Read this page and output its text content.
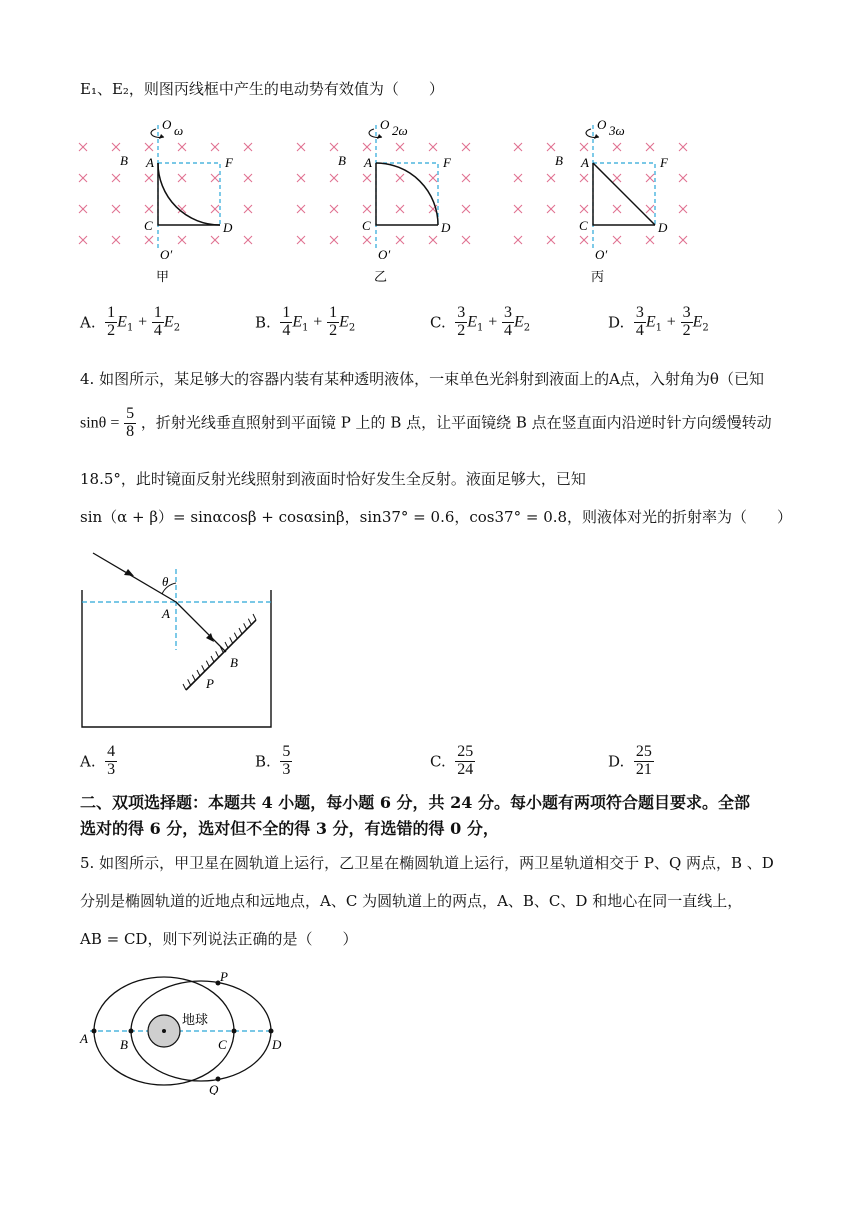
E₁、E₂，则图丙线框中产生的电动势有效值为（　　）
O ω
A
B	F
C	D
O′
甲
O 2ω
A
B	F
C	D
O′
乙
O 3ω
A
B	F
C	D
O′
丙
A. $\frac{1}{2} E_1 + \frac{1}{4} E_2$	B. $\frac{1}{4} E_1 + \frac{1}{2} E_2$	C. $\frac{3}{2} E_1 + \frac{3}{4} E_2$	D. $\frac{3}{4} E_1 + \frac{3}{2} E_2$
4. 如图所示，某足够大的容器内装有某种透明液体，一束单色光斜射到液面上的A点，入射角为θ（已知
$\sin\theta = \frac{5}{8}$ ，折射光线垂直照射到平面镜 P 上的 B 点，让平面镜绕 B 点在竖直面内沿逆时针方向缓慢转动
18.5°，此时镜面反射光线照射到液面时恰好发生全反射。液面足够大，已知
sin（α + β）= sinαcosβ + cosαsinβ，sin37° = 0.6，cos37° = 0.8，则液体对光的折射率为（　　）
θ
A
B
P
A. $\frac{4}{3}$	B. $\frac{5}{3}$	C. $\frac{25}{24}$	D. $\frac{25}{21}$
二、双项选择题：本题共 4 小题，每小题 6 分，共 24 分。每小题有两项符合题目要求。全部
选对的得 6 分，选对但不全的得 3 分，有选错的得 0 分，
5. 如图所示，甲卫星在圆轨道上运行，乙卫星在椭圆轨道上运行，两卫星轨道相交于 P、Q 两点，B 、D
分别是椭圆轨道的近地点和远地点，A、C 为圆轨道上的两点，A、B、C、D 和地心在同一直线上，
AB = CD，则下列说法正确的是（　　）
地球
A B	C	D
P
Q
